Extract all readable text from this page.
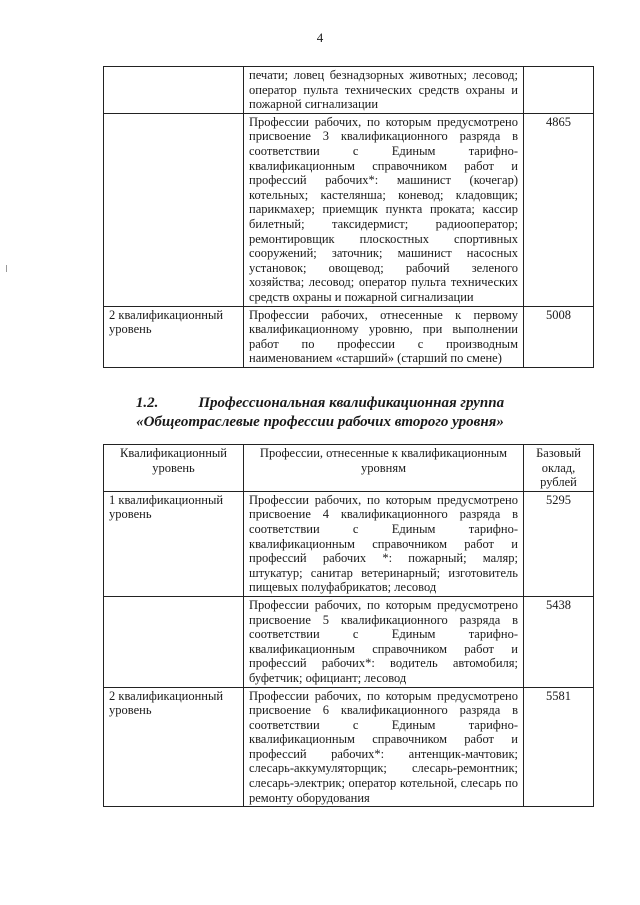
4
	печати; ловец безнадзорных животных; лесовод; оператор пульта технических средств охраны и пожарной сигнализации	
	Профессии рабочих, по которым предусмотрено присвоение 3 квалификационного разряда в соответствии с Единым тарифно-квалификационным справочником работ и профессий рабочих*: машинист (кочегар) котельных; кастелянша; коневод; кладовщик; парикмахер; приемщик пункта проката; кассир билетный; таксидермист; радиооператор; ремонтировщик плоскостных спортивных сооружений; заточник; машинист насосных установок; овощевод; рабочий зеленого хозяйства; лесовод; оператор пульта технических средств охраны и пожарной сигнализации	4865
2 квалификационный уровень	Профессии рабочих, отнесенные к первому квалификационному уровню, при выполнении работ по профессии с производным наименованием «старший» (старший по смене)	5008
1.2.	Профессиональная квалификационная группа
«Общеотраслевые профессии рабочих второго уровня»
Квалификационный уровень	Профессии, отнесенные к квалификационным уровням	Базовый оклад, рублей
1 квалификационный уровень	Профессии рабочих, по которым предусмотрено присвоение 4 квалификационного разряда в соответствии с Единым тарифно-квалификационным справочником работ и профессий рабочих *: пожарный; маляр; штукатур; санитар ветеринарный; изготовитель пищевых полуфабрикатов; лесовод	5295
	Профессии рабочих, по которым предусмотрено присвоение 5 квалификационного разряда в соответствии с Единым тарифно-квалификационным справочником работ и профессий рабочих*: водитель автомобиля; буфетчик; официант; лесовод	5438
2 квалификационный уровень	Профессии рабочих, по которым предусмотрено присвоение 6 квалификационного разряда в соответствии с Единым тарифно-квалификационным справочником работ и профессий рабочих*: антенщик-мачтовик; слесарь-аккумуляторщик; слесарь-ремонтник; слесарь-электрик; оператор котельной, слесарь по ремонту оборудования	5581
